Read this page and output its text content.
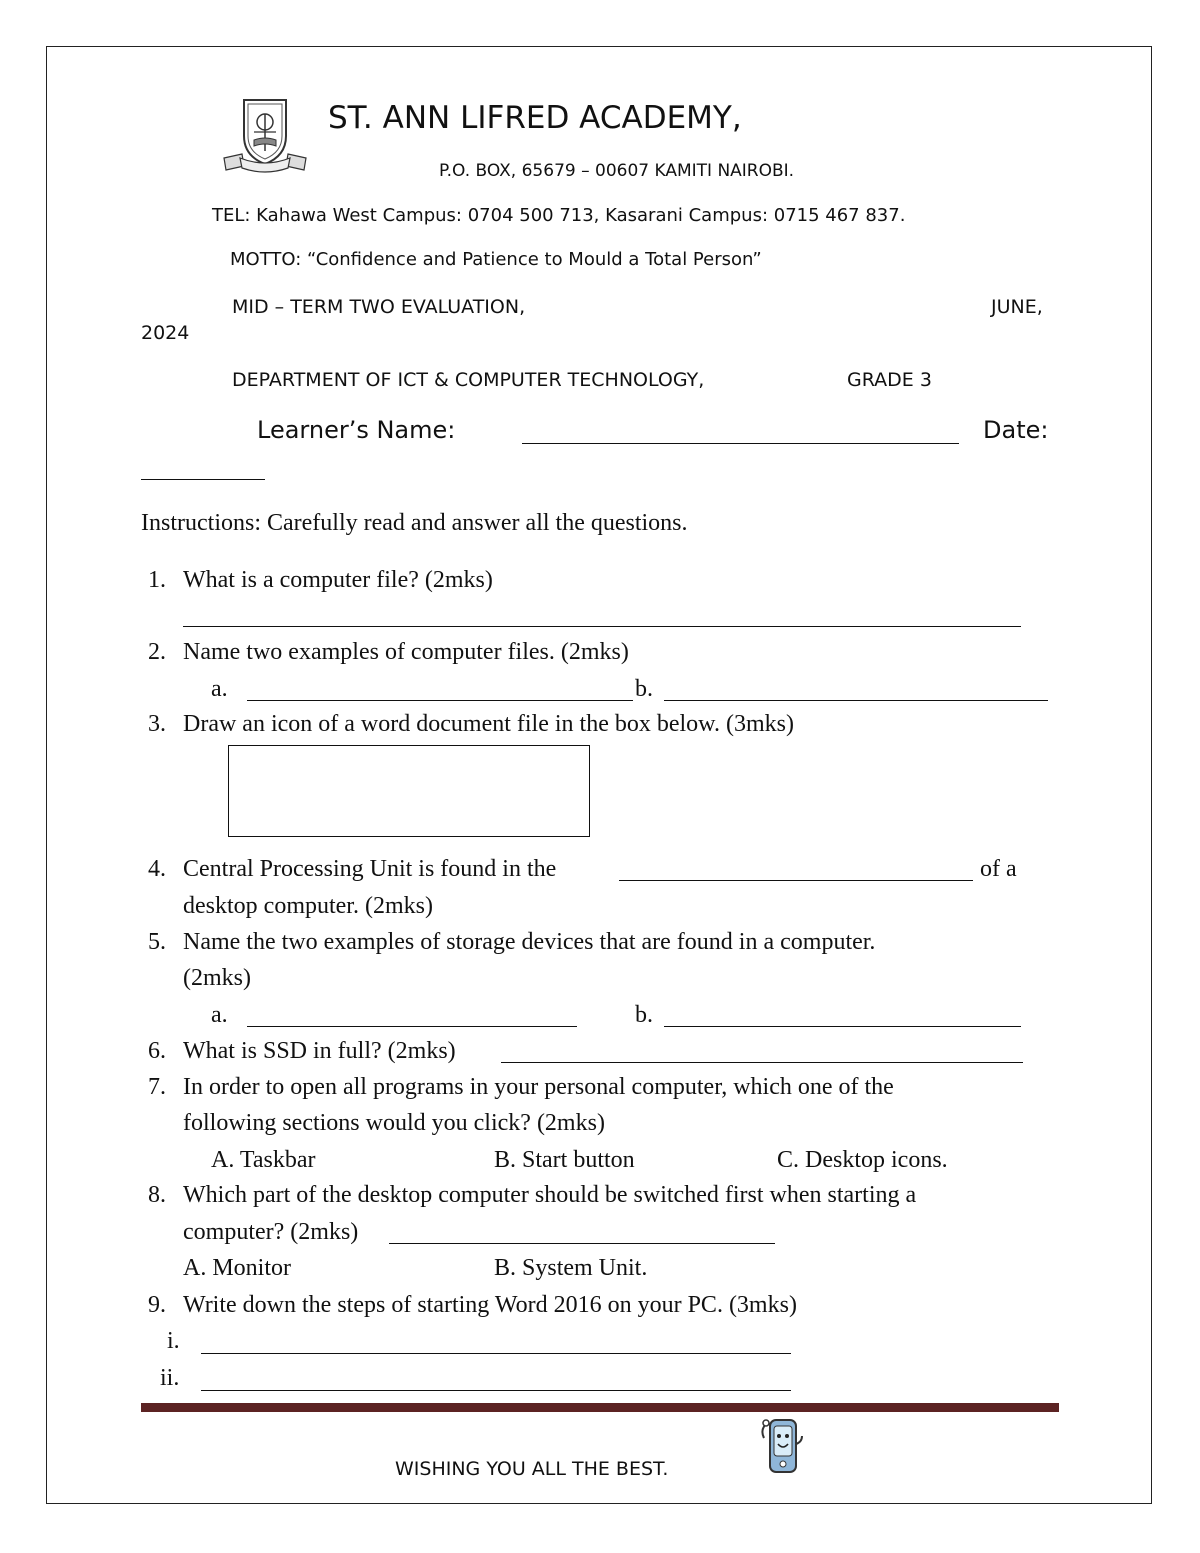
ST. ANN LIFRED ACADEMY,
P.O. BOX, 65679 – 00607 KAMITI NAIROBI.
TEL: Kahawa West Campus: 0704 500 713, Kasarani Campus: 0715 467 837.
MOTTO: “Confidence and Patience to Mould a Total Person”
MID – TERM TWO EVALUATION,	JUNE,
2024
DEPARTMENT OF ICT & COMPUTER TECHNOLOGY,	GRADE 3
Learner’s Name:	Date:
Instructions: Carefully read and answer all the questions.
1. What is a computer file? (2mks)
2. Name two examples of computer files. (2mks)
a.	b.
3. Draw an icon of a word document file in the box below. (3mks)
4. Central Processing Unit is found in the	of a
desktop computer. (2mks)
5. Name the two examples of storage devices that are found in a computer.
(2mks)
a.	b.
6. What is SSD in full? (2mks)
7. In order to open all programs in your personal computer, which one of the
following sections would you click? (2mks)
A. Taskbar	B. Start button	C. Desktop icons.
8. Which part of the desktop computer should be switched first when starting a
computer? (2mks)
A. Monitor	B. System Unit.
9. Write down the steps of starting Word 2016 on your PC. (3mks)
i.
ii.
WISHING YOU ALL THE BEST.
